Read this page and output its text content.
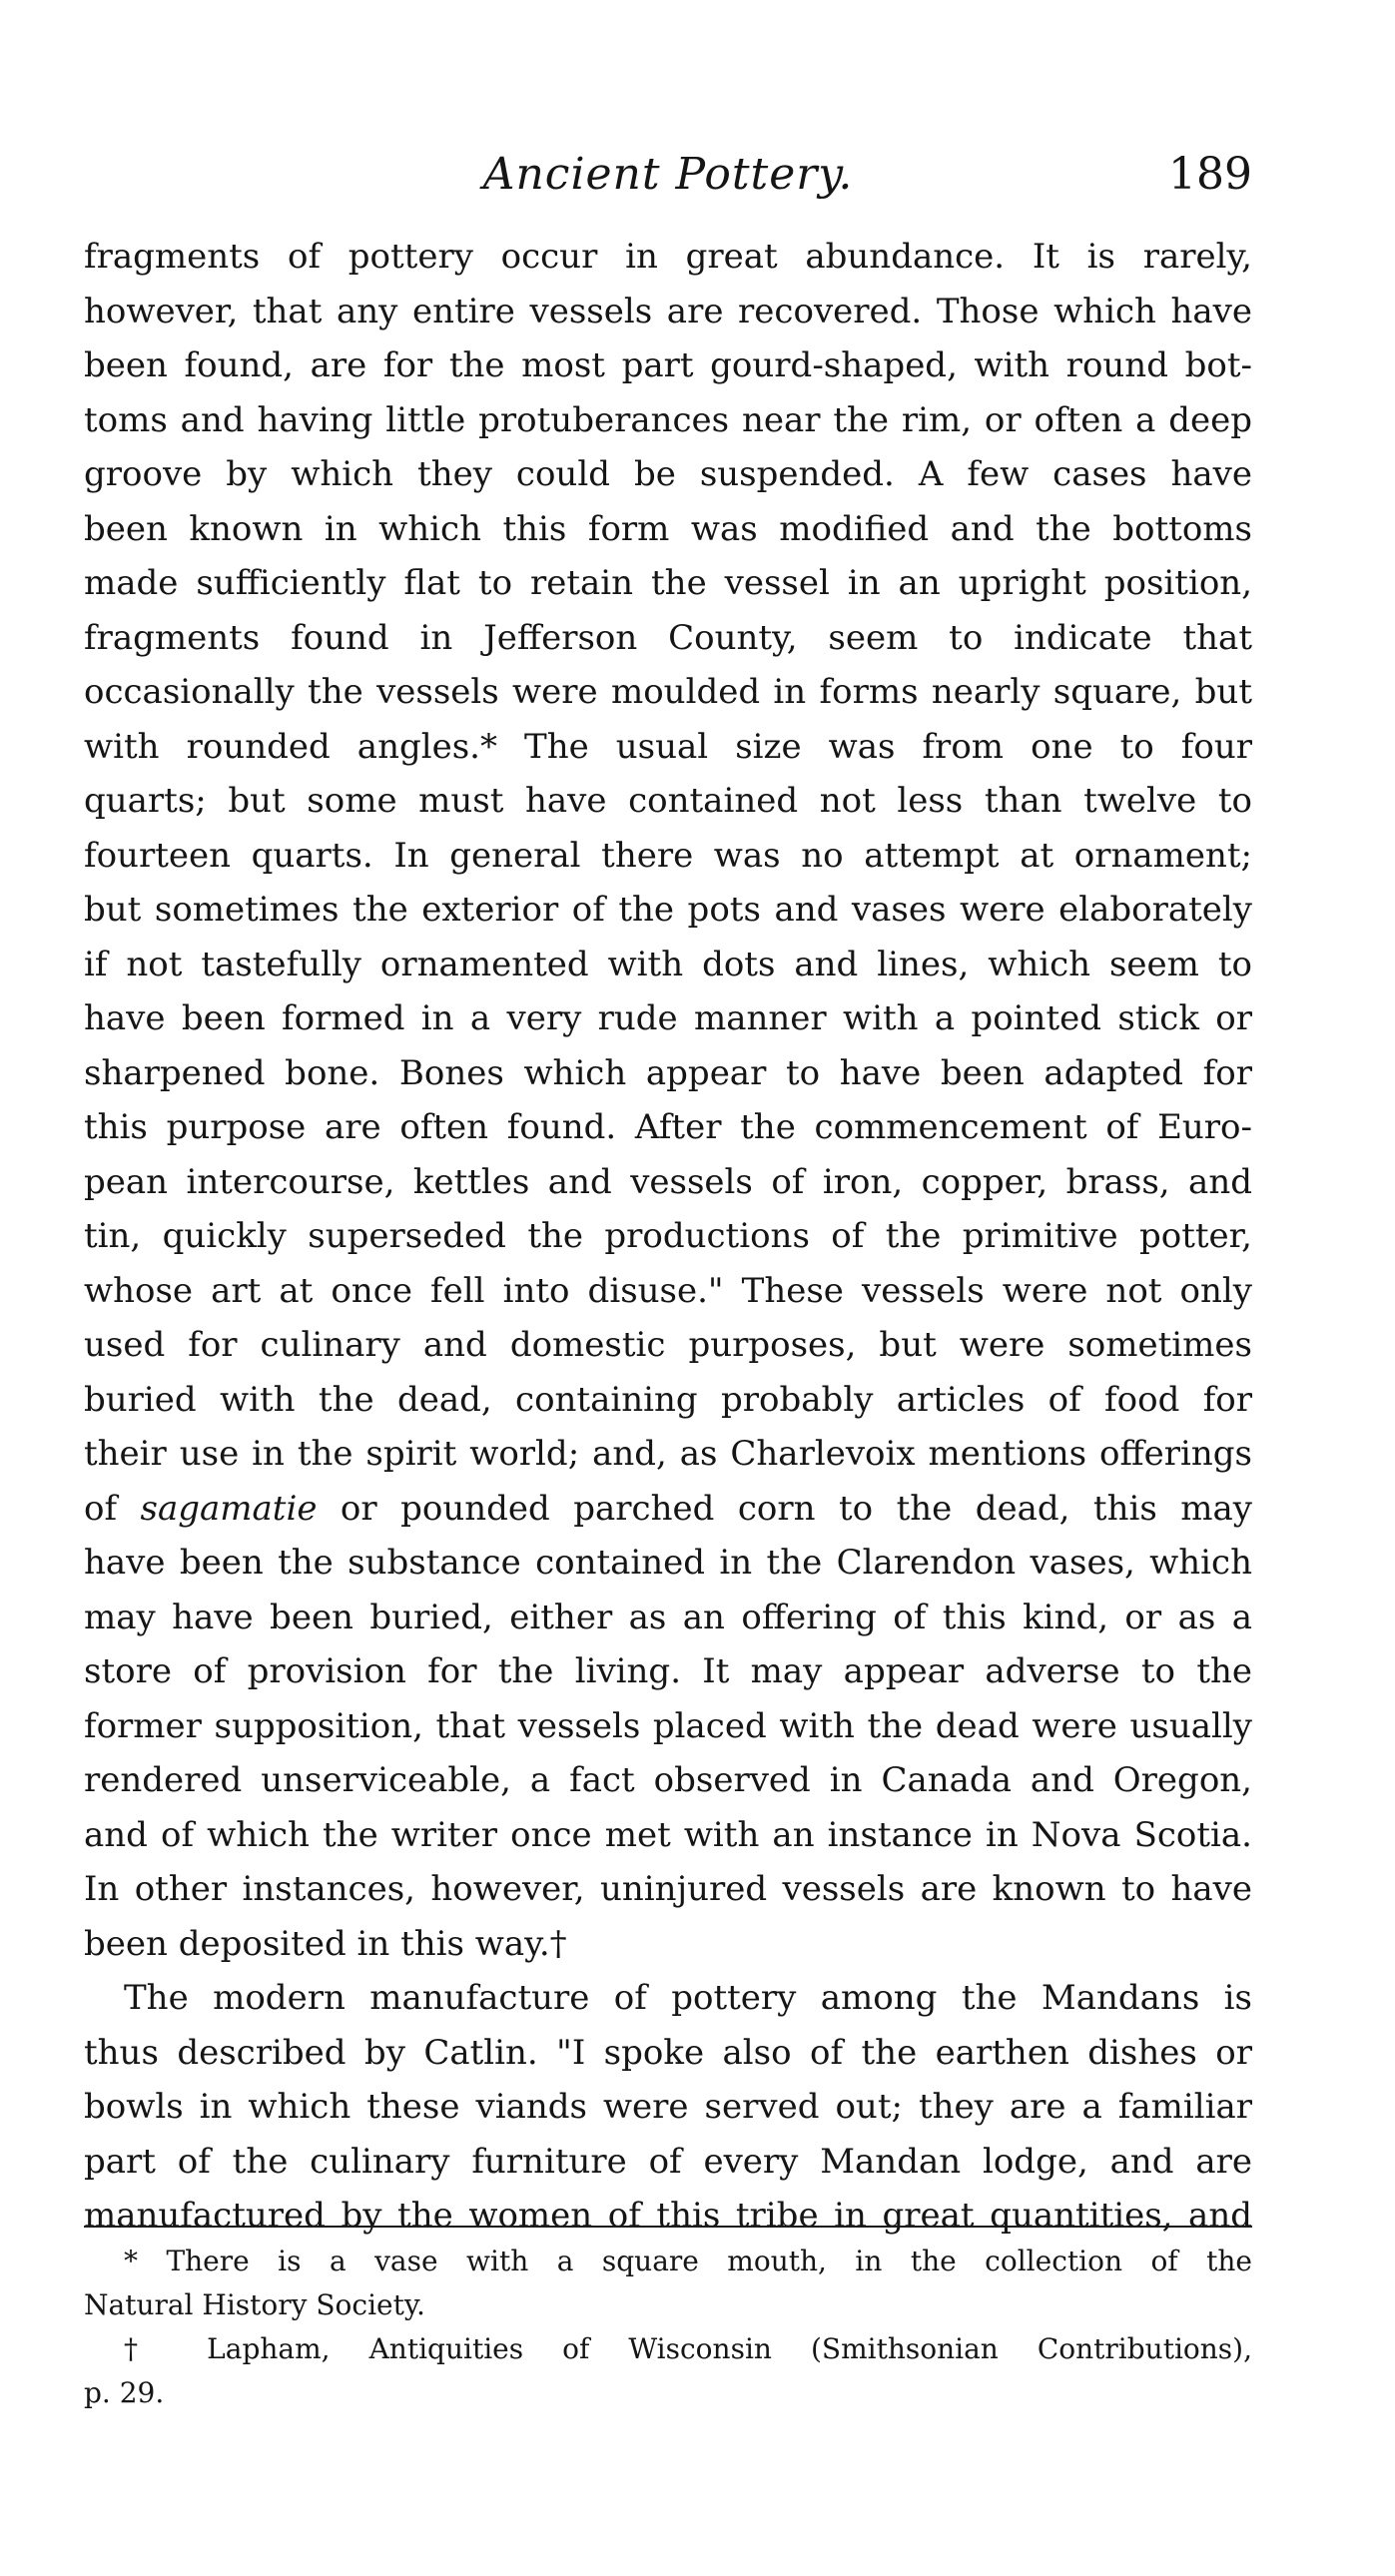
Ancient Pottery.	189
fragments of pottery occur in great abundance. It is rarely,
however, that any entire vessels are recovered. Those which have
been found, are for the most part gourd-shaped, with round bot-
toms and having little protuberances near the rim, or often a deep
groove by which they could be suspended. A few cases have
been known in which this form was modified and the bottoms
made sufficiently flat to retain the vessel in an upright position,
fragments found in Jefferson County, seem to indicate that
occasionally the vessels were moulded in forms nearly square, but
with rounded angles.* The usual size was from one to four
quarts; but some must have contained not less than twelve to
fourteen quarts. In general there was no attempt at ornament;
but sometimes the exterior of the pots and vases were elaborately
if not tastefully ornamented with dots and lines, which seem to
have been formed in a very rude manner with a pointed stick or
sharpened bone. Bones which appear to have been adapted for
this purpose are often found. After the commencement of Euro-
pean intercourse, kettles and vessels of iron, copper, brass, and
tin, quickly superseded the productions of the primitive potter,
whose art at once fell into disuse." These vessels were not only
used for culinary and domestic purposes, but were sometimes
buried with the dead, containing probably articles of food for
their use in the spirit world; and, as Charlevoix mentions offerings
of sagamatie or pounded parched corn to the dead, this may
have been the substance contained in the Clarendon vases, which
may have been buried, either as an offering of this kind, or as a
store of provision for the living. It may appear adverse to the
former supposition, that vessels placed with the dead were usually
rendered unserviceable, a fact observed in Canada and Oregon,
and of which the writer once met with an instance in Nova Scotia.
In other instances, however, uninjured vessels are known to have
been deposited in this way.†
The modern manufacture of pottery among the Mandans is
thus described by Catlin. "I spoke also of the earthen dishes or
bowls in which these viands were served out; they are a familiar
part of the culinary furniture of every Mandan lodge, and are
manufactured by the women of this tribe in great quantities, and
* There is a vase with a square mouth, in the collection of the
Natural History Society.
† Lapham, Antiquities of Wisconsin (Smithsonian Contributions),
p. 29.
